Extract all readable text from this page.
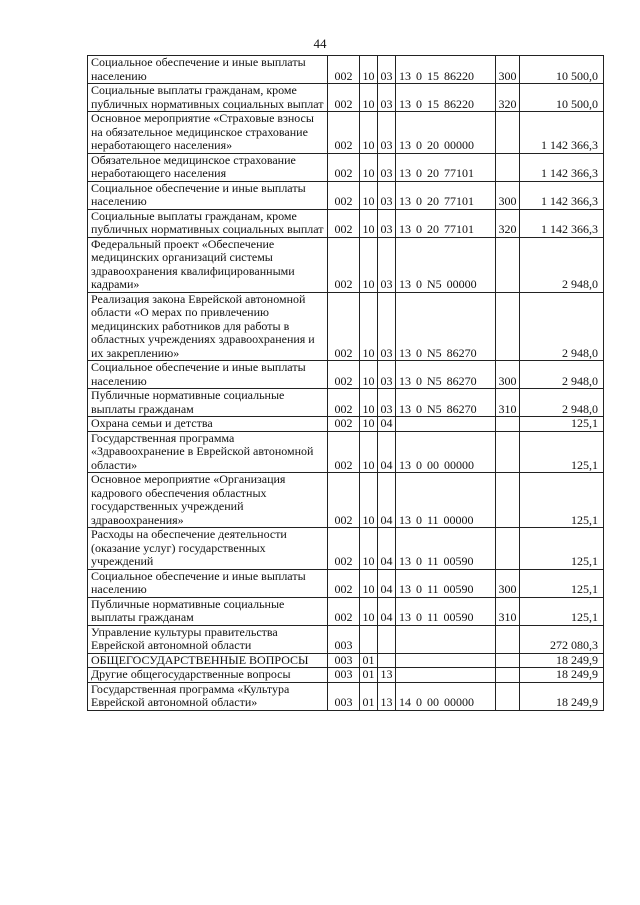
44
Социальное обеспечение и иные выплаты населению	002	10	03	13 0 15 86220	300	10 500,0
Социальные выплаты гражданам, кроме публичных нормативных социальных выплат	002	10	03	13 0 15 86220	320	10 500,0
Основное мероприятие «Страховые взносы на обязательное медицинское страхование неработающего населения»	002	10	03	13 0 20 00000		1 142 366,3
Обязательное медицинское страхование неработающего населения	002	10	03	13 0 20 77101		1 142 366,3
Социальное обеспечение и иные выплаты населению	002	10	03	13 0 20 77101	300	1 142 366,3
Социальные выплаты гражданам, кроме публичных нормативных социальных выплат	002	10	03	13 0 20 77101	320	1 142 366,3
Федеральный проект «Обеспечение медицинских организаций системы здравоохранения квалифицированными кадрами»	002	10	03	13 0 N5 00000		2 948,0
Реализация закона Еврейской автономной области «О мерах по привлечению медицинских работников для работы в областных учреждениях здравоохранения и их закреплению»	002	10	03	13 0 N5 86270		2 948,0
Социальное обеспечение и иные выплаты населению	002	10	03	13 0 N5 86270	300	2 948,0
Публичные нормативные социальные выплаты гражданам	002	10	03	13 0 N5 86270	310	2 948,0
Охрана семьи и детства	002	10	04			125,1
Государственная программа «Здравоохранение в Еврейской автономной области»	002	10	04	13 0 00 00000		125,1
Основное мероприятие «Организация кадрового обеспечения областных государственных учреждений здравоохранения»	002	10	04	13 0 11 00000		125,1
Расходы на обеспечение деятельности (оказание услуг) государственных учреждений	002	10	04	13 0 11 00590		125,1
Социальное обеспечение и иные выплаты населению	002	10	04	13 0 11 00590	300	125,1
Публичные нормативные социальные выплаты гражданам	002	10	04	13 0 11 00590	310	125,1
Управление культуры правительства Еврейской автономной области	003					272 080,3
ОБЩЕГОСУДАРСТВЕННЫЕ ВОПРОСЫ	003	01				18 249,9
Другие общегосударственные вопросы	003	01	13			18 249,9
Государственная программа «Культура Еврейской автономной области»	003	01	13	14 0 00 00000		18 249,9
